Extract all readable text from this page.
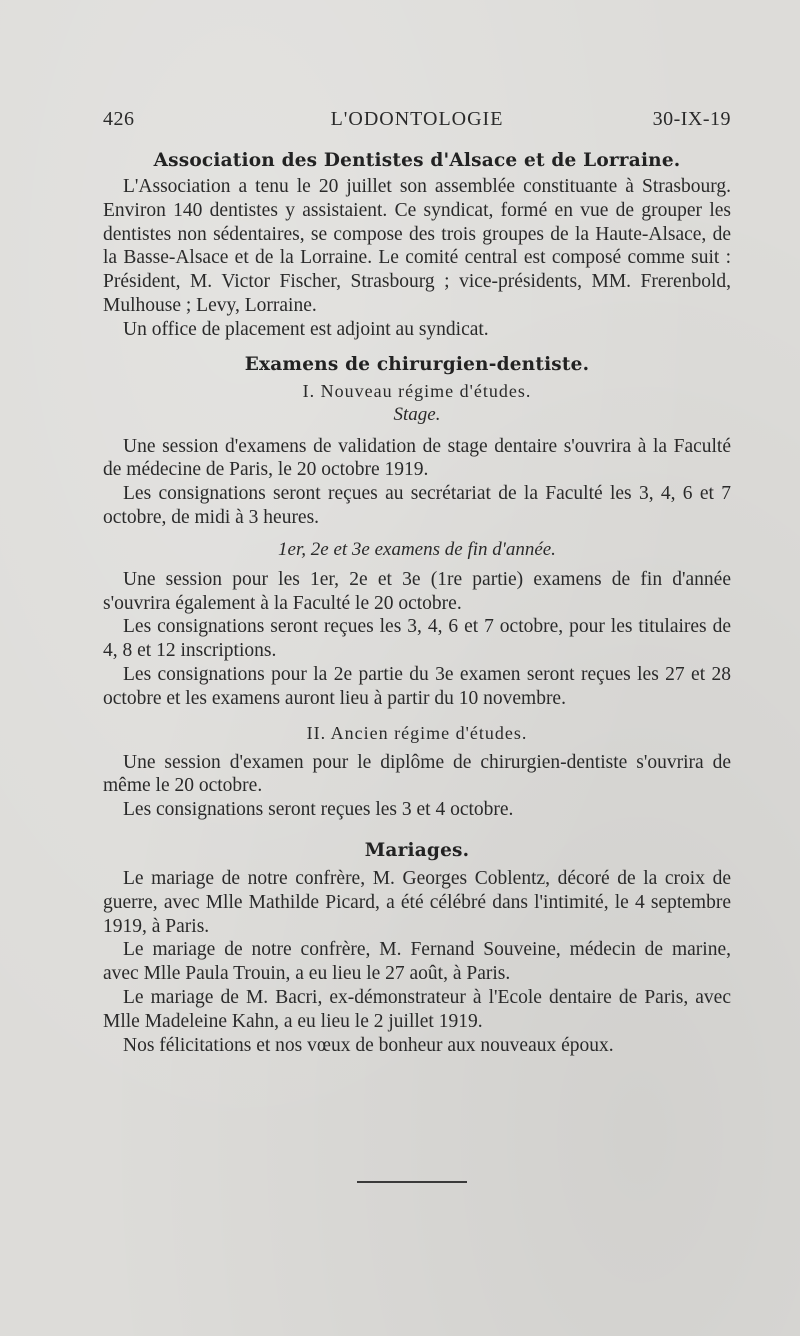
426	L'ODONTOLOGIE	30-IX-19
Association des Dentistes d'Alsace et de Lorraine.

L'Association a tenu le 20 juillet son assemblée constituante à Strasbourg. Environ 140 dentistes y assistaient. Ce syndicat, formé en vue de grouper les dentistes non sédentaires, se compose des trois groupes de la Haute-Alsace, de la Basse-Alsace et de la Lorraine. Le comité central est composé comme suit : Président, M. Victor Fischer, Strasbourg ; vice-présidents, MM. Frerenbold, Mulhouse ; Levy, Lorraine.

Un office de placement est adjoint au syndicat.

Examens de chirurgien-dentiste.
I. Nouveau régime d'études.
Stage.

Une session d'examens de validation de stage dentaire s'ouvrira à la Faculté de médecine de Paris, le 20 octobre 1919.

Les consignations seront reçues au secrétariat de la Faculté les 3, 4, 6 et 7 octobre, de midi à 3 heures.

1er, 2e et 3e examens de fin d'année.

Une session pour les 1er, 2e et 3e (1re partie) examens de fin d'année s'ouvrira également à la Faculté le 20 octobre.

Les consignations seront reçues les 3, 4, 6 et 7 octobre, pour les titulaires de 4, 8 et 12 inscriptions.

Les consignations pour la 2e partie du 3e examen seront reçues les 27 et 28 octobre et les examens auront lieu à partir du 10 novembre.

II. Ancien régime d'études.

Une session d'examen pour le diplôme de chirurgien-dentiste s'ouvrira de même le 20 octobre.

Les consignations seront reçues les 3 et 4 octobre.

Mariages.

Le mariage de notre confrère, M. Georges Coblentz, décoré de la croix de guerre, avec Mlle Mathilde Picard, a été célébré dans l'intimité, le 4 septembre 1919, à Paris.

Le mariage de notre confrère, M. Fernand Souveine, médecin de marine, avec Mlle Paula Trouin, a eu lieu le 27 août, à Paris.

Le mariage de M. Bacri, ex-démonstrateur à l'Ecole dentaire de Paris, avec Mlle Madeleine Kahn, a eu lieu le 2 juillet 1919.

Nos félicitations et nos vœux de bonheur aux nouveaux époux.
